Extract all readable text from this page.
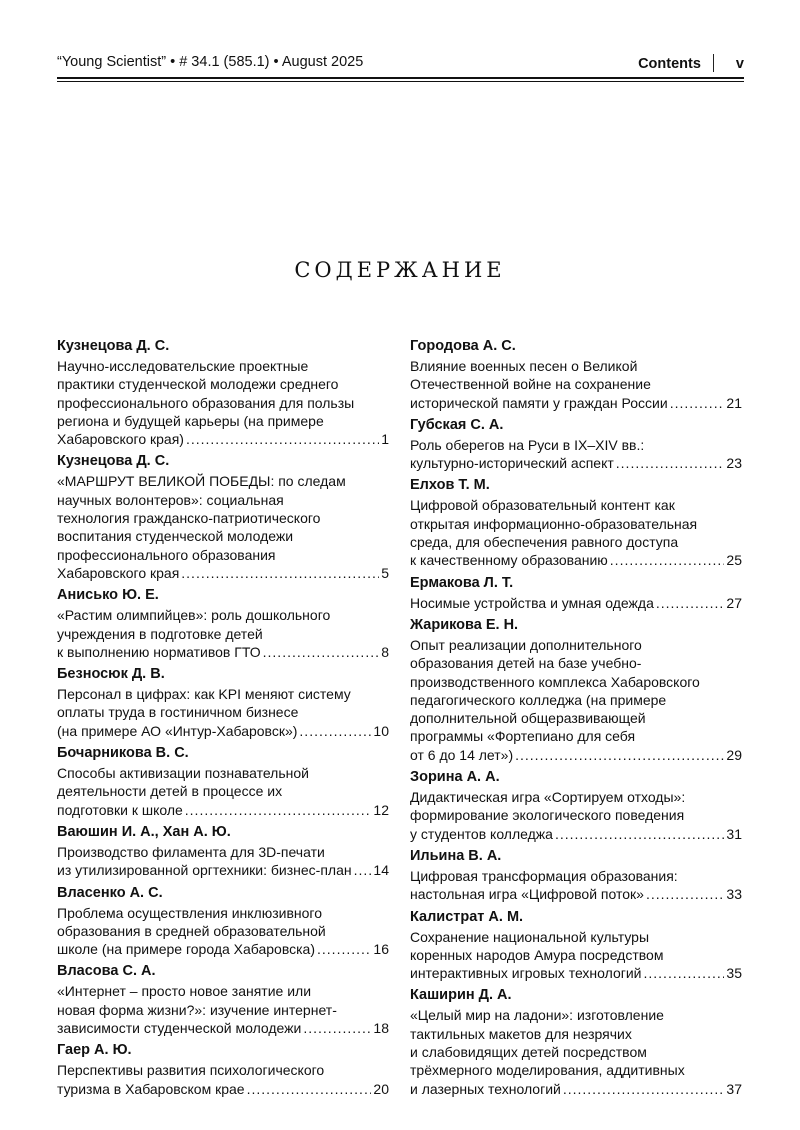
“Young Scientist” • # 34.1 (585.1) • August 2025	Contents v
СОДЕРЖАНИЕ
Кузнецова Д. С.
Научно-исследовательские проектные
практики студенческой молодежи среднего
профессионального образования для пользы
региона и будущей карьеры (на примере
Хабаровского края) .....	1
Кузнецова Д. С.
«МАРШРУТ ВЕЛИКОЙ ПОБЕДЫ: по следам
научных волонтеров»: социальная
технология гражданско-патриотического
воспитания студенческой молодежи
профессионального образования
Хабаровского края .....	5
Анисько Ю. Е.
«Растим олимпийцев»: роль дошкольного
учреждения в подготовке детей
к выполнению нормативов ГТО .....	8
Безносюк Д. В.
Персонал в цифрах: как KPI меняют систему
оплаты труда в гостиничном бизнесе
(на примере АО «Интур-Хабаровск») .....	10
Бочарникова В. С.
Способы активизации познавательной
деятельности детей в процессе их
подготовки к школе .....	12
Ваюшин И. А., Хан А. Ю.
Производство филамента для 3D-печати
из утилизированной оргтехники: бизнес-план ..... 14
Власенко А. С.
Проблема осуществления инклюзивного
образования в средней образовательной
школе (на примере города Хабаровска) .....	16
Власова С. А.
«Интернет – просто новое занятие или
новая форма жизни?»: изучение интернет-
зависимости студенческой молодежи .....	18
Гаер А. Ю.
Перспективы развития психологического
туризма в Хабаровском крае .....	20
Городова А. С.
Влияние военных песен о Великой
Отечественной войне на сохранение
исторической памяти у граждан России .....	21
Губская С. А.
Роль оберегов на Руси в IX–XIV вв.:
культурно-исторический аспект .....	23
Елхов Т. М.
Цифровой образовательный контент как
открытая информационно-образовательная
среда, для обеспечения равного доступа
к качественному образованию .....	25
Ермакова Л. Т.
Носимые устройства и умная одежда .....	27
Жарикова Е. Н.
Опыт реализации дополнительного
образования детей на базе учебно-
производственного комплекса Хабаровского
педагогического колледжа (на примере
дополнительной общеразвивающей
программы «Фортепиано для себя
от 6 до 14 лет») .....	29
Зорина А. А.
Дидактическая игра «Сортируем отходы»:
формирование экологического поведения
у студентов колледжа .....	31
Ильина В. А.
Цифровая трансформация образования:
настольная игра «Цифровой поток» .....	33
Калистрат А. М.
Сохранение национальной культуры
коренных народов Амура посредством
интерактивных игровых технологий .....	35
Каширин Д. А.
«Целый мир на ладони»: изготовление
тактильных макетов для незрячих
и слабовидящих детей посредством
трёхмерного моделирования, аддитивных
и лазерных технологий .....	37
